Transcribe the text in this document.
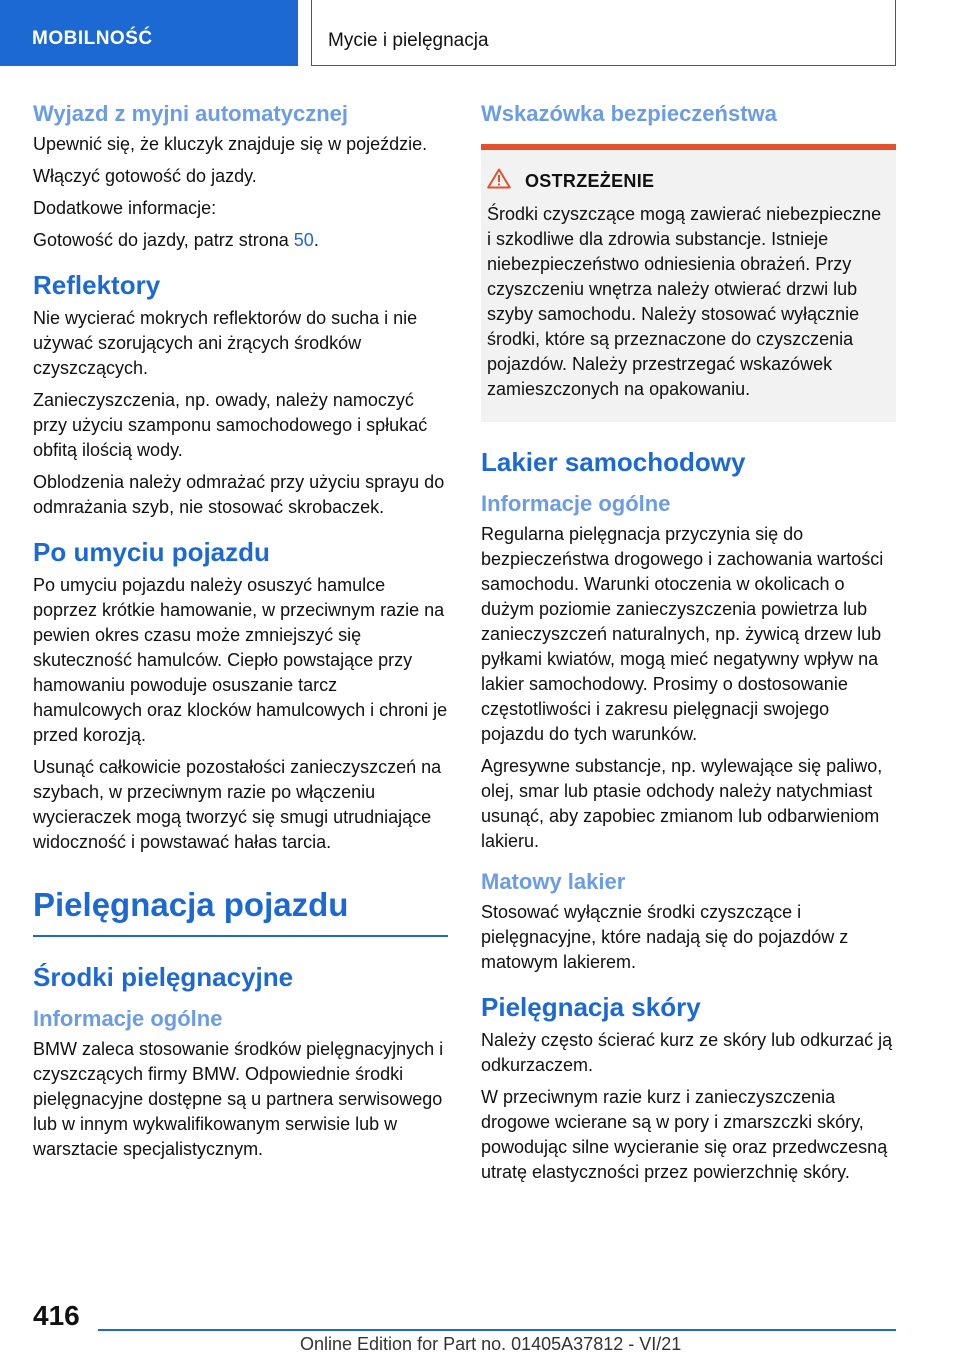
MOBILNOŚĆ	Mycie i pielęgnacja
Wyjazd z myjni automatycznej

Upewnić się, że kluczyk znajduje się w pojeździe.

Włączyć gotowość do jazdy.

Dodatkowe informacje:

Gotowość do jazdy, patrz strona 50.

Reflektory

Nie wycierać mokrych reflektorów do sucha i nie używać szorujących ani żrących środków czyszczących.

Zanieczyszczenia, np. owady, należy namoczyć przy użyciu szamponu samochodowego i spłukać obfitą ilością wody.

Oblodzenia należy odmrażać przy użyciu sprayu do odmrażania szyb, nie stosować skrobaczek.

Po umyciu pojazdu

Po umyciu pojazdu należy osuszyć hamulce poprzez krótkie hamowanie, w przeciwnym razie na pewien okres czasu może zmniejszyć się skuteczność hamulców. Ciepło powstające przy hamowaniu powoduje osuszanie tarcz hamulcowych oraz klocków hamulcowych i chroni je przed korozją.

Usunąć całkowicie pozostałości zanieczyszczeń na szybach, w przeciwnym razie po włączeniu wycieraczek mogą tworzyć się smugi utrudniające widoczność i powstawać hałas tarcia.

Pielęgnacja pojazdu
Środki pielęgnacyjne
Informacje ogólne

BMW zaleca stosowanie środków pielęgnacyjnych i czyszczących firmy BMW. Odpowiednie środki pielęgnacyjne dostępne są u partnera serwisowego lub w innym wykwalifikowanym serwisie lub w warsztacie specjalistycznym.

Wskazówka bezpieczeństwa
OSTRZEŻENIE

Środki czyszczące mogą zawierać niebezpieczne i szkodliwe dla zdrowia substancje. Istnieje niebezpieczeństwo odniesienia obrażeń. Przy czyszczeniu wnętrza należy otwierać drzwi lub szyby samochodu. Należy stosować wyłącznie środki, które są przeznaczone do czyszczenia pojazdów. Należy przestrzegać wskazówek zamieszczonych na opakowaniu.

Lakier samochodowy
Informacje ogólne

Regularna pielęgnacja przyczynia się do bezpieczeństwa drogowego i zachowania wartości samochodu. Warunki otoczenia w okolicach o dużym poziomie zanieczyszczenia powietrza lub zanieczyszczeń naturalnych, np. żywicą drzew lub pyłkami kwiatów, mogą mieć negatywny wpływ na lakier samochodowy. Prosimy o dostosowanie częstotliwości i zakresu pielęgnacji swojego pojazdu do tych warunków.

Agresywne substancje, np. wylewające się paliwo, olej, smar lub ptasie odchody należy natychmiast usunąć, aby zapobiec zmianom lub odbarwieniom lakieru.

Matowy lakier

Stosować wyłącznie środki czyszczące i pielęgnacyjne, które nadają się do pojazdów z matowym lakierem.

Pielęgnacja skóry

Należy często ścierać kurz ze skóry lub odkurzać ją odkurzaczem.

W przeciwnym razie kurz i zanieczyszczenia drogowe wcierane są w pory i zmarszczki skóry, powodując silne wycieranie się oraz przedwczesną utratę elastyczności przez powierzchnię skóry.

416
Online Edition for Part no. 01405A37812 - VI/21
